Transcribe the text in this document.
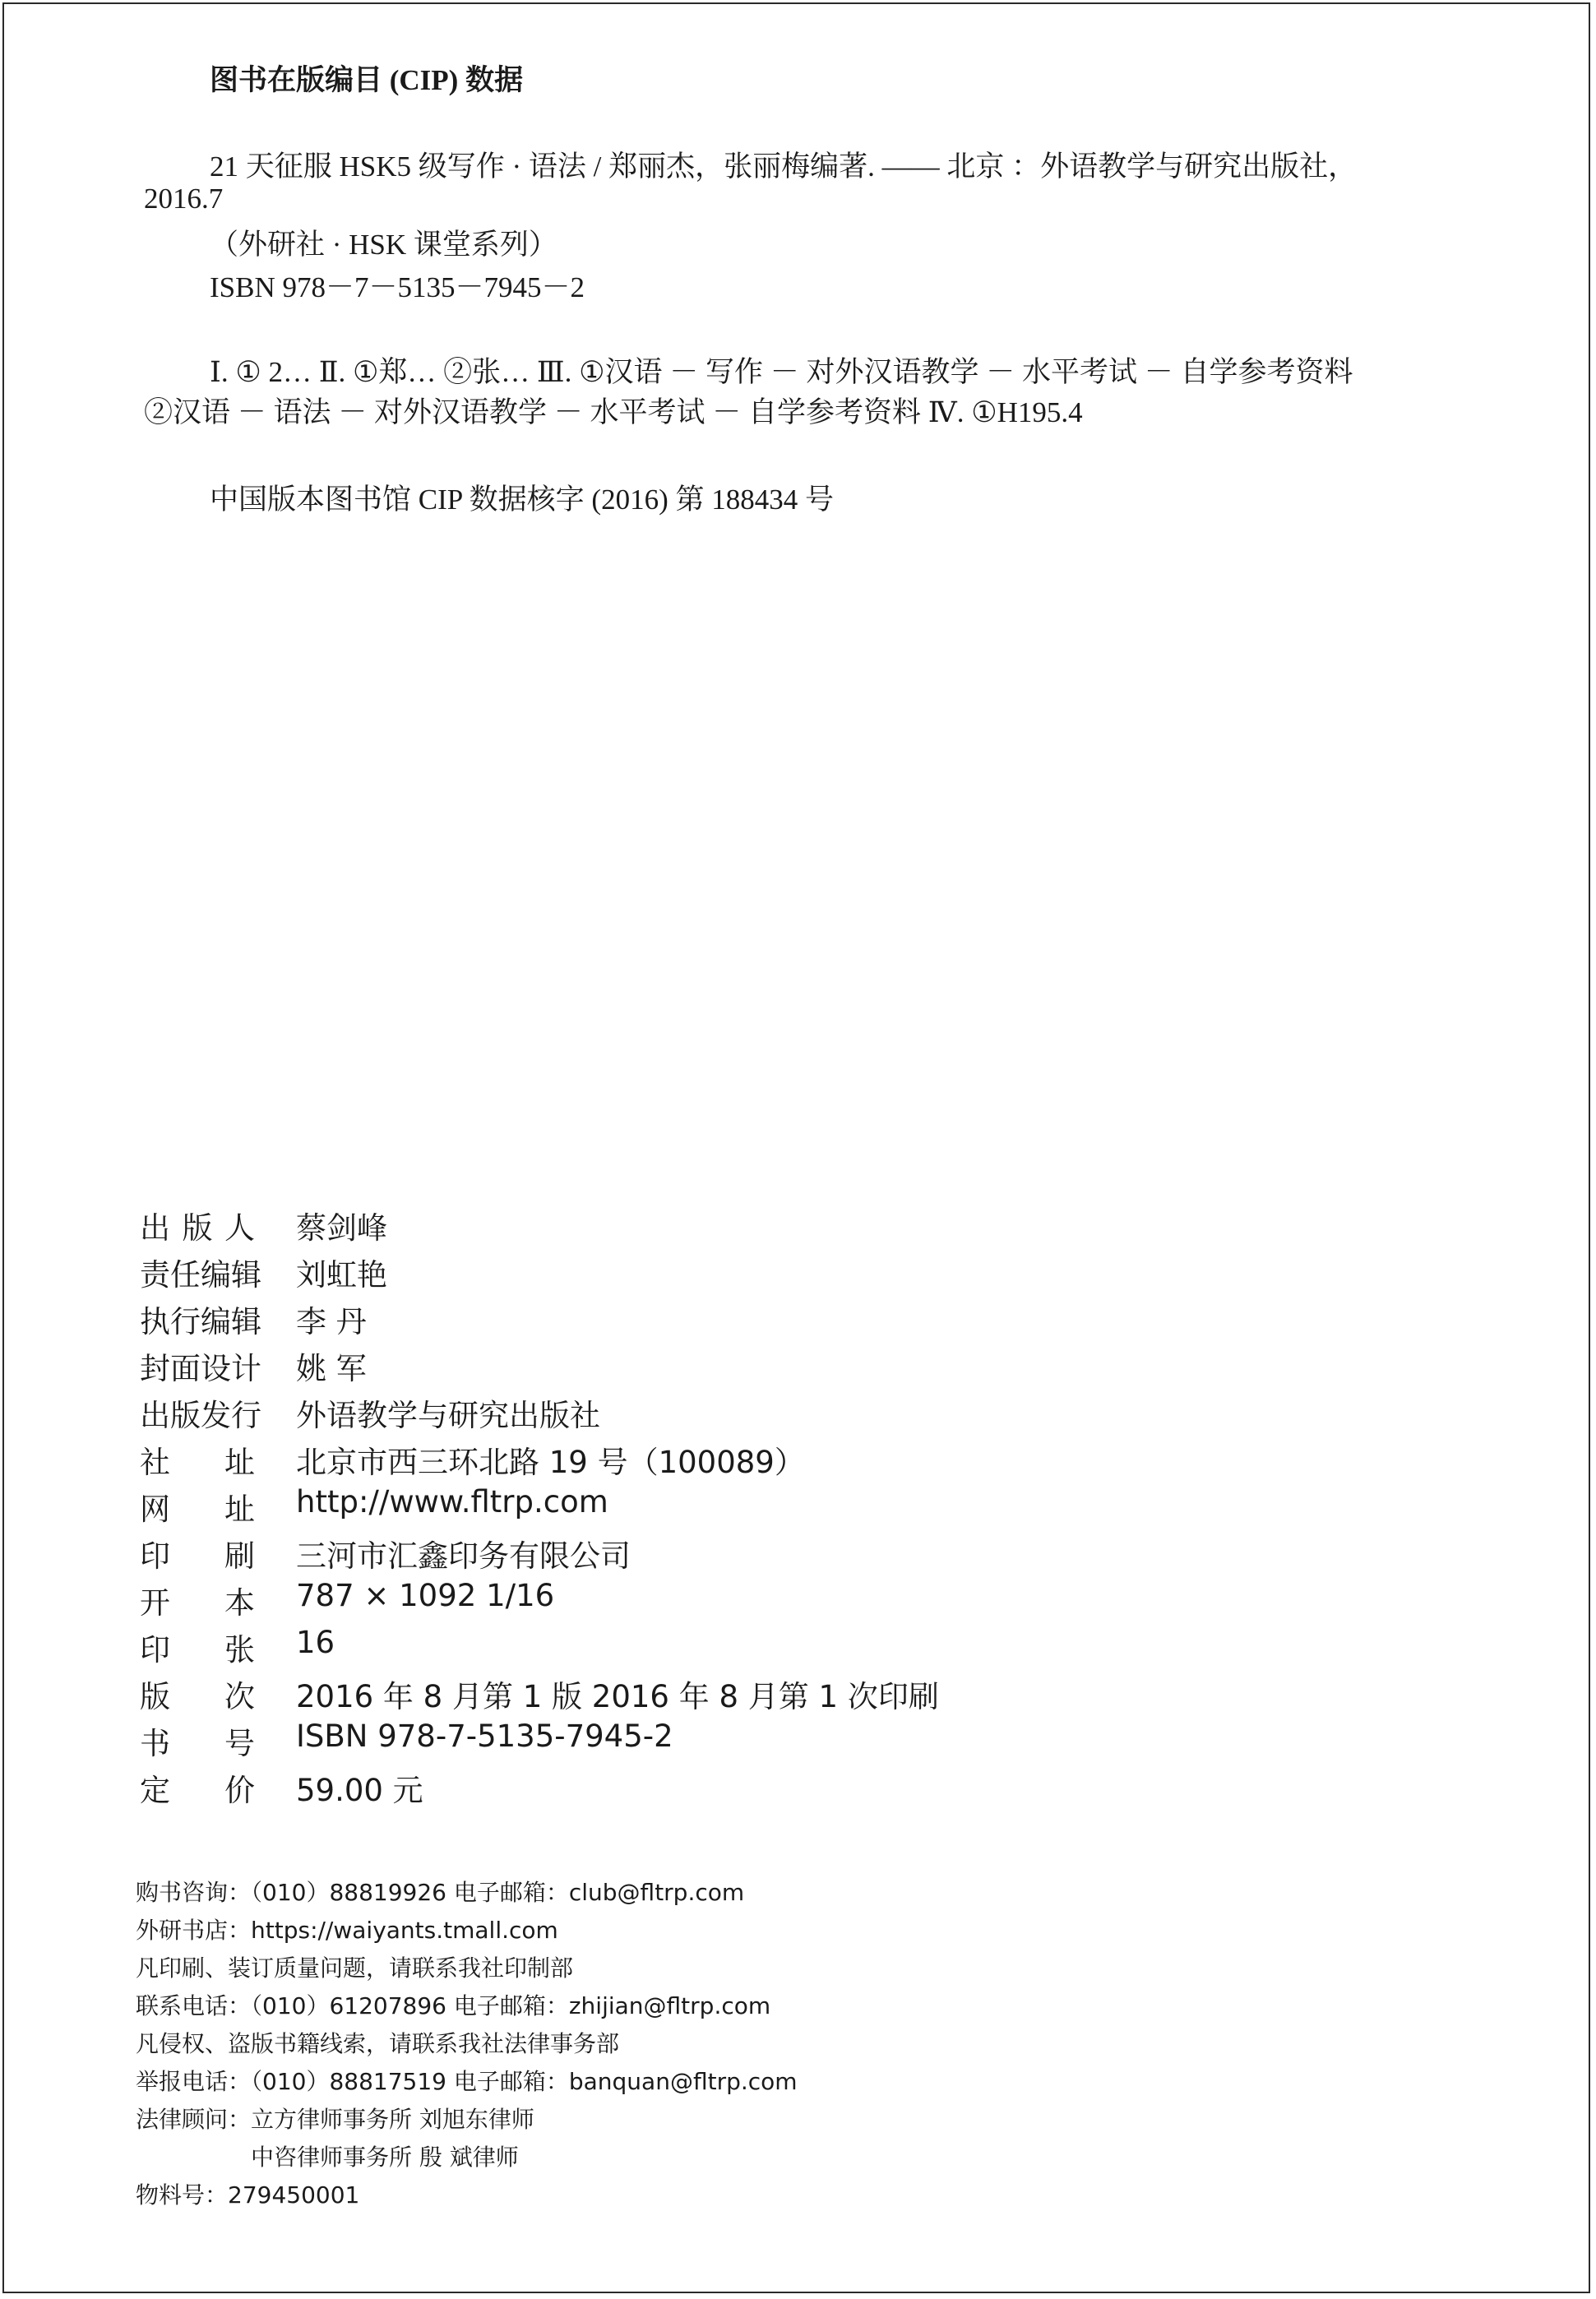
图书在版编目 (CIP) 数据
21 天征服 HSK5 级写作 · 语法 / 郑丽杰，张丽梅编著. —— 北京 ：外语教学与研究出版社，
2016.7
（外研社 · HSK 课堂系列）
ISBN 978－7－5135－7945－2
Ⅰ. ① 2… Ⅱ. ①郑… ②张… Ⅲ. ①汉语 － 写作 － 对外汉语教学 － 水平考试 － 自学参考资料
②汉语 － 语法 － 对外汉语教学 － 水平考试 － 自学参考资料 Ⅳ. ①H195.4
中国版本图书馆 CIP 数据核字 (2016) 第 188434 号
出 版 人 蔡剑峰
责 任 编 辑 刘虹艳
执 行 编 辑 李 丹
封 面 设 计 姚 军
出 版 发 行 外语教学与研究出版社
社 址 北京市西三环北路 19 号（100089）
网 址 http://www.fltrp.com
印 刷 三河市汇鑫印务有限公司
开 本 787 × 1092 1/16
印 张 16
版 次 2016 年 8 月第 1 版 2016 年 8 月第 1 次印刷
书 号 ISBN 978-7-5135-7945-2
定 价 59.00 元
购书咨询：（010）88819926 电子邮箱：club@fltrp.com
外研书店：https://waiyants.tmall.com
凡印刷、装订质量问题，请联系我社印制部
联系电话：（010）61207896 电子邮箱：zhijian@fltrp.com
凡侵权、盗版书籍线索，请联系我社法律事务部
举报电话：（010）88817519 电子邮箱：banquan@fltrp.com
法律顾问：立方律师事务所 刘旭东律师
中咨律师事务所 殷 斌律师
物料号：279450001
